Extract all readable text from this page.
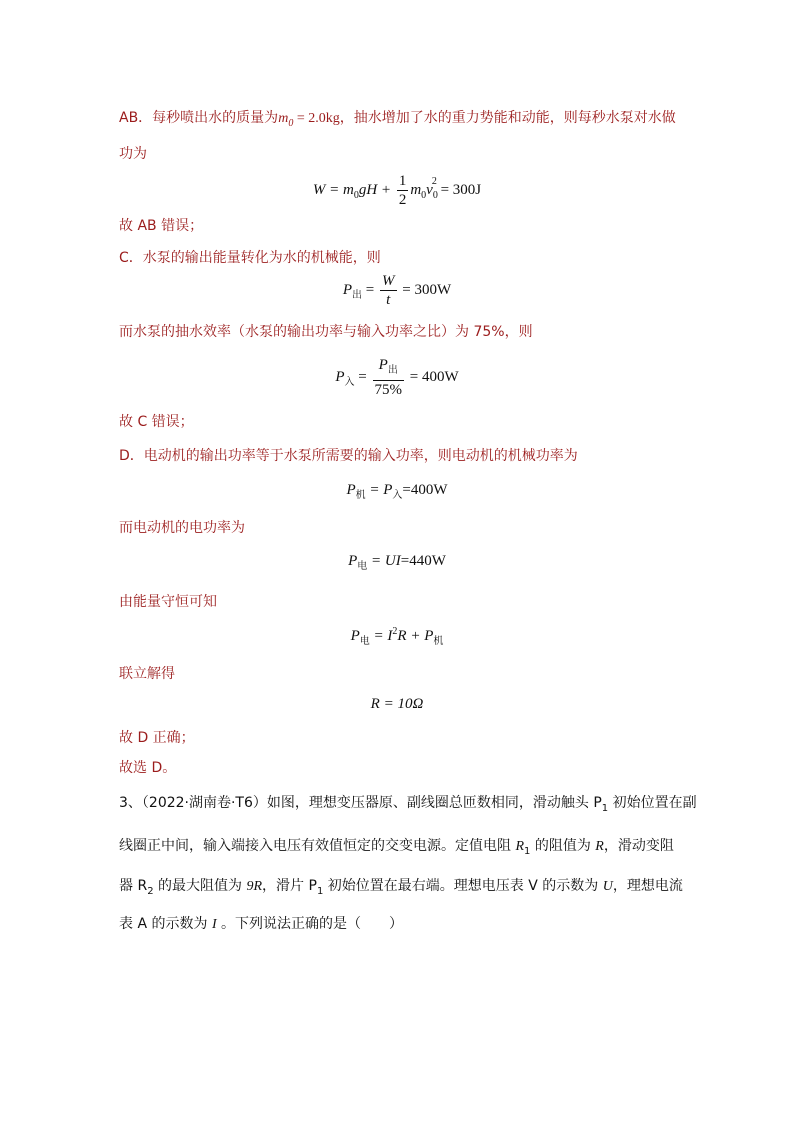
AB．每秒喷出水的质量为$m_0 = 2.0kg$，抽水增加了水的重力势能和动能，则每秒水泵对水做
功为
$W = m_0gH + \frac{1}{2} m_0v_0^2 = 300J$
故 AB 错误；
C．水泵的输出能量转化为水的机械能，则
$P_出 = \frac{W}{t} = 300W$
而水泵的抽水效率（水泵的输出功率与输入功率之比）为 75%，则
$P_入 = \frac{P_出}{75\%} = 400W$
故 C 错误；
D．电动机的输出功率等于水泵所需要的输入功率，则电动机的机械功率为
$P_机 = P_入=400W$
而电动机的电功率为
$P_电 = UI=440W$
由能量守恒可知
$P_电 = I^2R + P_机$
联立解得
R = 10Ω
故 D 正确；
故选 D。
3、（2022·湖南卷·T6）如图，理想变压器原、副线圈总匝数相同，滑动触头 $P_1$ 初始位置在副
线圈正中间，输入端接入电压有效值恒定的交变电源。定值电阻 $R_1$ 的阻值为 R，滑动变阻
器 $R_2$ 的最大阻值为 9R，滑片 $P_1$ 初始位置在最右端。理想电压表 V 的示数为 U，理想电流
表 A 的示数为 I 。下列说法正确的是（　　）
